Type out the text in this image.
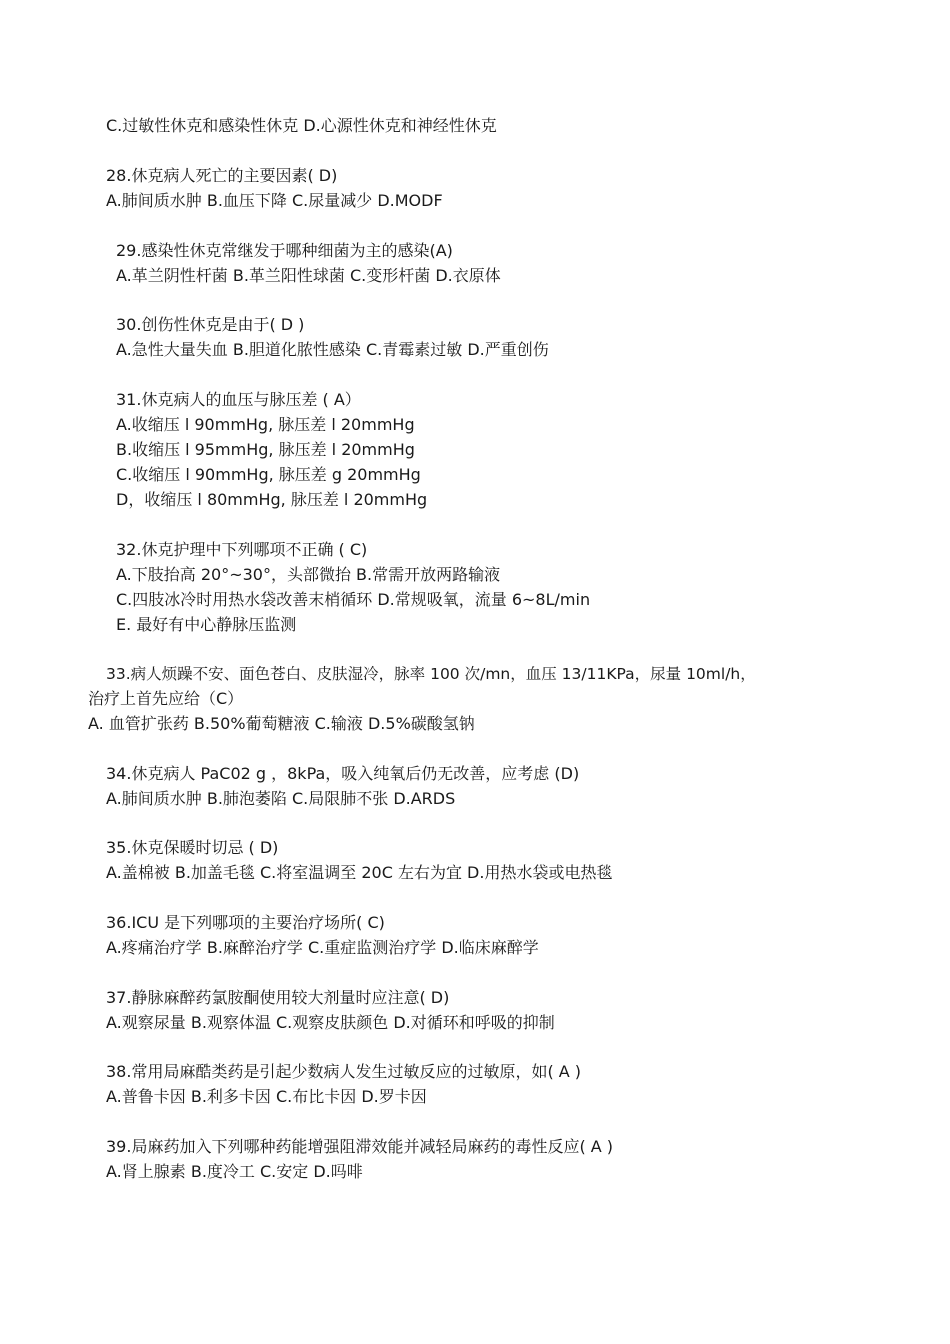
C.过敏性休克和感染性休克 D.心源性休克和神经性休克
28.休克病人死亡的主要因素( D)
A.肺间质水肿 B.血压下降 C.尿量减少 D.MODF
29.感染性休克常继发于哪种细菌为主的感染(A)
A.革兰阴性杆菌 B.革兰阳性球菌 C.变形杆菌 D.衣原体
30.创伤性休克是由于( D )
A.急性大量失血 B.胆道化脓性感染 C.青霉素过敏 D.严重创伤
31.休克病人的血压与脉压差 ( A）
A.收缩压 l 90mmHg, 脉压差 l 20mmHg
B.收缩压 l 95mmHg, 脉压差 l 20mmHg
C.收缩压 l 90mmHg, 脉压差 g 20mmHg
D，收缩压 l 80mmHg, 脉压差 l 20mmHg
32.休克护理中下列哪项不正确 ( C)
A.下肢抬高 20°~30°，头部微抬 B.常需开放两路输液
C.四肢冰冷时用热水袋改善末梢循环 D.常规吸氧，流量 6~8L/min
E. 最好有中心静脉压监测
33.病人烦躁不安、面色苍白、皮肤湿冷，脉率 100 次/mn，血压 13/11KPa，尿量 10ml/h，
治疗上首先应给（C）
A. 血管扩张药 B.50%葡萄糖液 C.输液 D.5%碳酸氢钠
34.休克病人 PaC02 g ，8kPa，吸入纯氧后仍无改善，应考虑 (D)
A.肺间质水肿 B.肺泡萎陷 C.局限肺不张 D.ARDS
35.休克保暖时切忌 ( D)
A.盖棉被 B.加盖毛毯 C.将室温调至 20C 左右为宜 D.用热水袋或电热毯
36.ICU 是下列哪项的主要治疗场所( C)
A.疼痛治疗学 B.麻醉治疗学 C.重症监测治疗学 D.临床麻醉学
37.静脉麻醉药氯胺酮使用较大剂量时应注意( D)
A.观察尿量 B.观察体温 C.观察皮肤颜色 D.对循环和呼吸的抑制
38.常用局麻酷类药是引起少数病人发生过敏反应的过敏原，如( A )
A.普鲁卡因 B.利多卡因 C.布比卡因 D.罗卡因
39.局麻药加入下列哪种药能增强阻滞效能并减轻局麻药的毒性反应( A )
A.肾上腺素 B.度冷工 C.安定 D.吗啡
